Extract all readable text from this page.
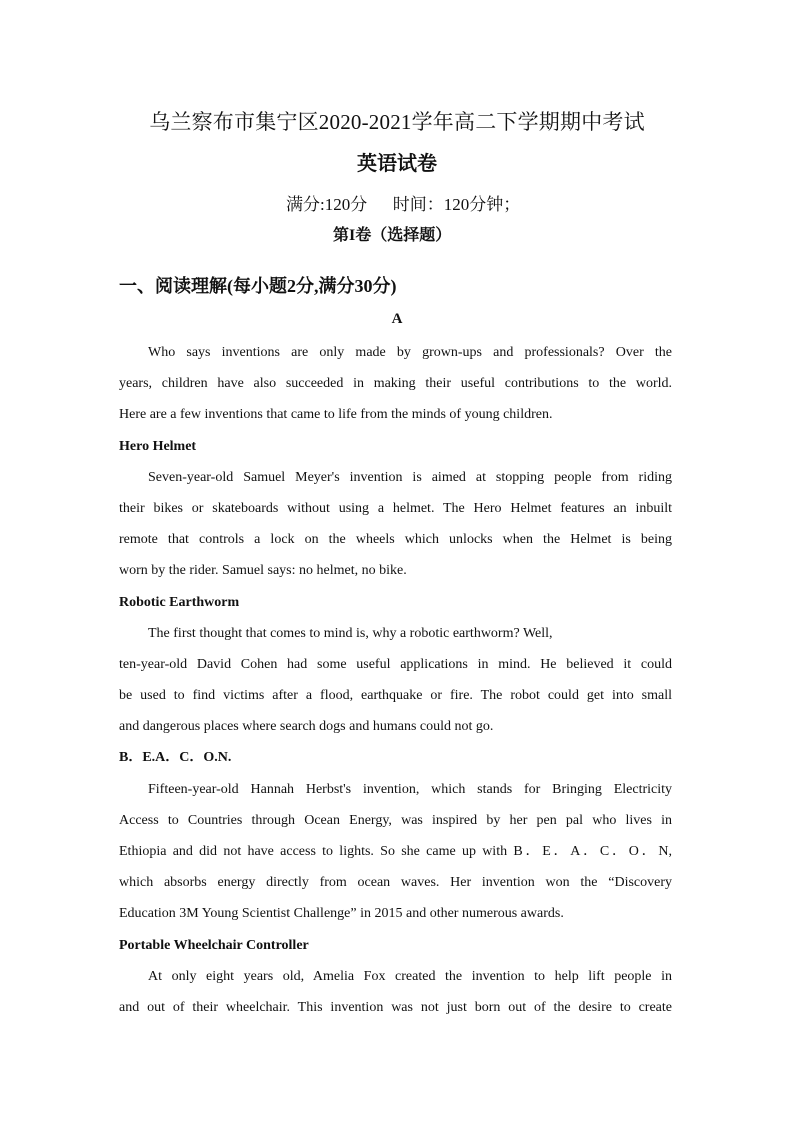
乌兰察布市集宁区2020-2021学年高二下学期期中考试
英语试卷
满分:120分      时间：120分钟；
第I卷（选择题）
一、阅读理解(每小题2分,满分30分)
A
Who says inventions are only made by grown-ups and professionals? Over the
years, children have also succeeded in making their useful contributions to the world.
Here are a few inventions that came to life from the minds of young children.
Hero Helmet
Seven-year-old Samuel Meyer's invention is aimed at stopping people from riding
their bikes or skateboards without using a helmet. The Hero Helmet features an inbuilt
remote that controls a lock on the wheels which unlocks when the Helmet is being
worn by the rider. Samuel says: no helmet, no bike.
Robotic Earthworm
The first thought that comes to mind is, why a robotic earthworm? Well,
ten-year-old David Cohen had some useful applications in mind. He believed it could
be used to find victims after a flood, earthquake or fire. The robot could get into small
and dangerous places where search dogs and humans could not go.
B．E.A．C．O.N.
Fifteen-year-old Hannah Herbst's invention, which stands for Bringing Electricity
Access to Countries through Ocean Energy, was inspired by her pen pal who lives in
Ethiopia and did not have access to lights. So she came up with B．E．A．C．O．N,
which absorbs energy directly from ocean waves. Her invention won the “Discovery
Education 3M Young Scientist Challenge” in 2015 and other numerous awards.
Portable Wheelchair Controller
At only eight years old, Amelia Fox created the invention to help lift people in
and out of their wheelchair. This invention was not just born out of the desire to create
